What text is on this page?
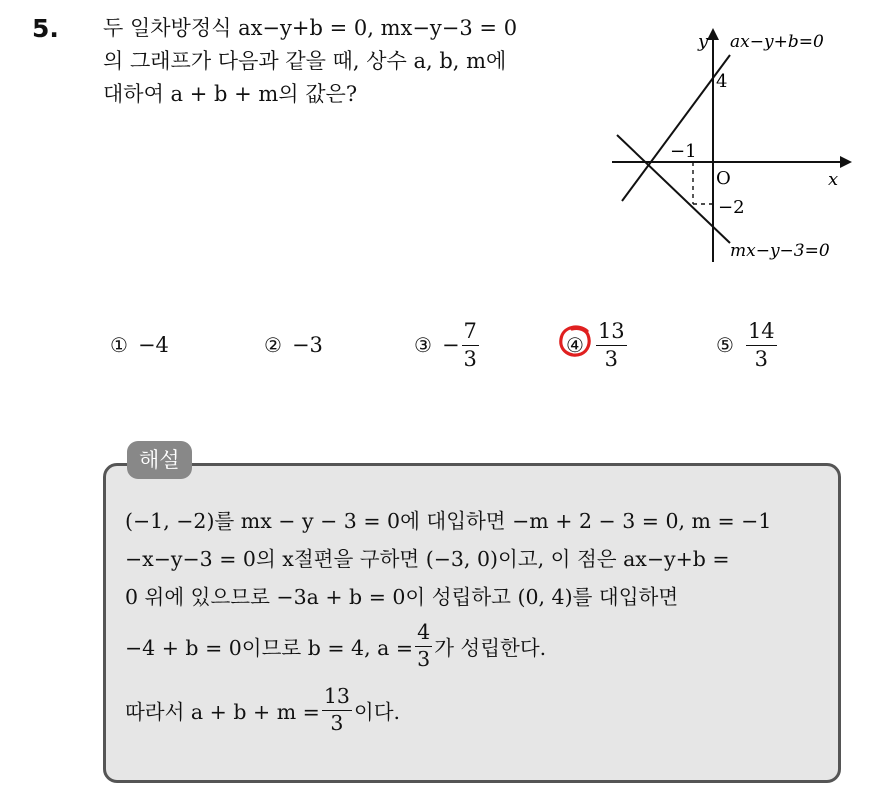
5. 두 일차방정식 ax−y+b = 0, mx−y−3 = 0
의 그래프가 다음과 같을 때, 상수 a, b, m에
대하여 a + b + m의 값은?
y
x
O
ax−y+b=0
mx−y−3=0
4
−1
−2
① −4	② −3	③ − $\frac{7}{3}$	④ $\frac{13}{3}$	⑤ $\frac{14}{3}$
해설
(−1, −2)를 mx − y − 3 = 0에 대입하면 −m + 2 − 3 = 0, m = −1
−x−y−3 = 0의 x절편을 구하면 (−3, 0)이고, 이 점은 ax−y+b =
0 위에 있으므로 −3a + b = 0이 성립하고 (0, 4)를 대입하면
−4 + b = 0이므로 b = 4, $a = \frac{4}{3}$ 가 성립한다.
따라서 $a + b + m = \frac{13}{3}$ 이다.
